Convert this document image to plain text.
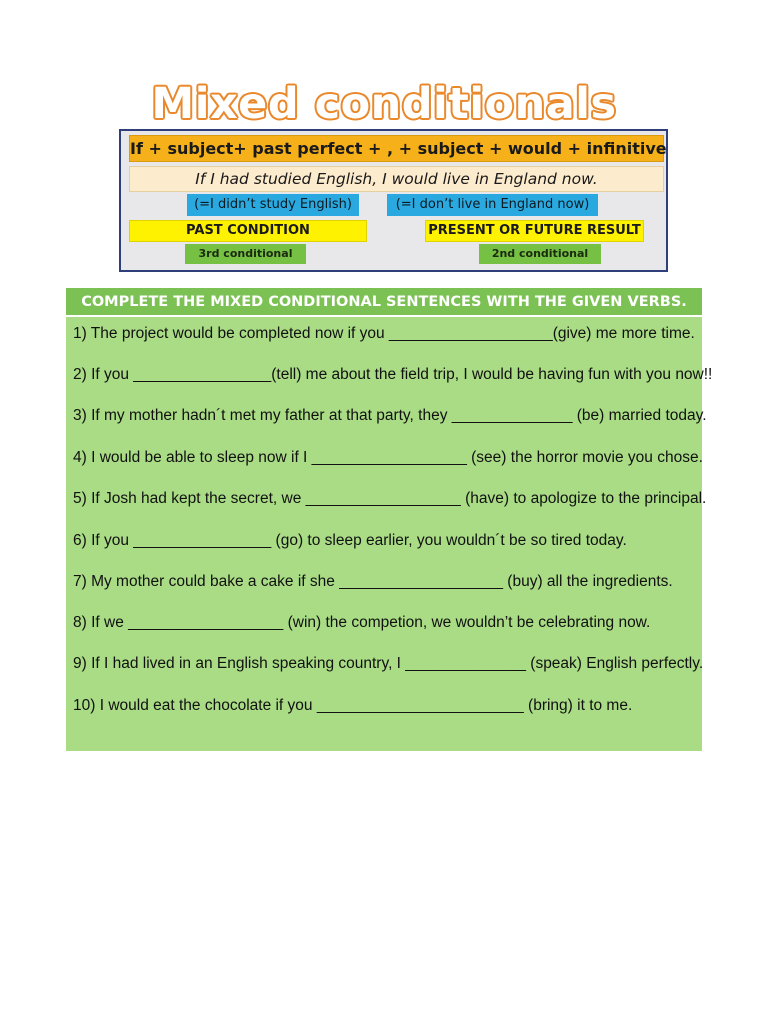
Mixed conditionals
If + subject+ past perfect + , + subject + would + infinitive
If I had studied English, I would live in England now.
(=I didn’t study English)	(=I don’t live in England now)
PAST CONDITION	PRESENT OR FUTURE RESULT
3rd conditional	2nd conditional
COMPLETE THE MIXED CONDITIONAL SENTENCES WITH THE GIVEN VERBS.
1) The project would be completed now if you ___________________(give) me more time.
2) If you ________________(tell) me about the field trip, I would be having fun with you now!!
3) If my mother hadn´t met my father at that party, they ______________ (be) married today.
4) I would be able to sleep now if I __________________ (see) the horror movie you chose.
5) If Josh had kept the secret, we __________________ (have) to apologize to the principal.
6) If you ________________ (go) to sleep earlier, you wouldn´t be so tired today.
7) My mother could bake a cake if she ___________________ (buy) all the ingredients.
8) If we __________________ (win) the competion, we wouldn’t be celebrating now.
9) If I had lived in an English speaking country, I ______________ (speak) English perfectly.
10) I would eat the chocolate if you ________________________ (bring) it to me.
